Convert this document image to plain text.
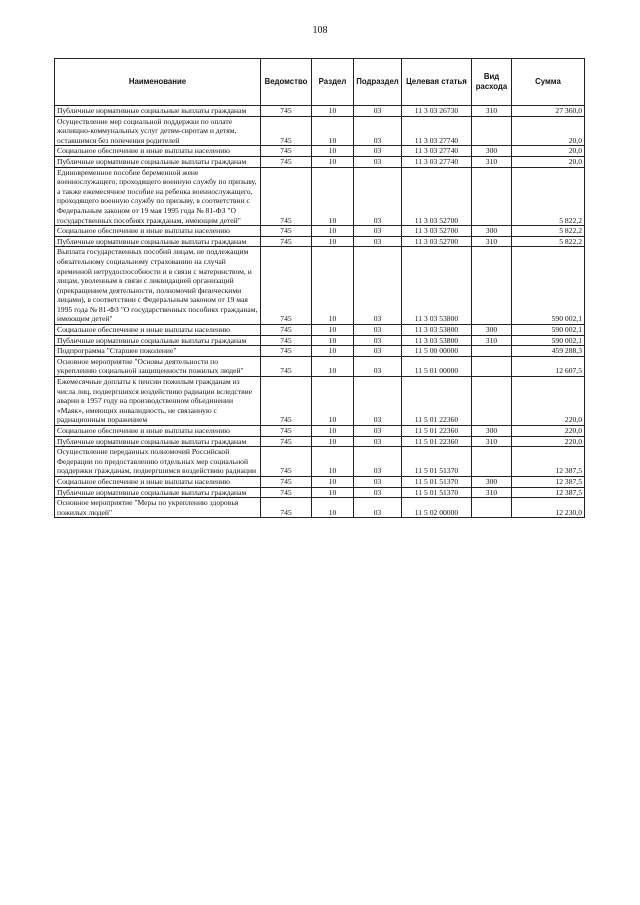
108
Наименование	Ведомство	Раздел	Подраздел	Целевая статья	Вид расхода	Сумма
Публичные нормативные социальные выплаты гражданам	745	10	03	11 3 03 26730	310	27 360,0
Осуществление мер социальной поддержки по оплате жилищно-коммунальных услуг детям-сиротам и детям, оставшимся без попечения родителей	745	10	03	11 3 03 27740		20,0
Социальное обеспечение и иные выплаты населению	745	10	03	11 3 03 27740	300	20,0
Публичные нормативные социальные выплаты гражданам	745	10	03	11 3 03 27740	310	20,0
Единовременное пособие беременной жене военнослужащего, проходящего военную службу по призыву, а также ежемесячное пособие на ребенка военнослужащего, проходящего военную службу по призыву, в соответствии с Федеральным законом от 19 мая 1995 года № 81-ФЗ "О государственных пособиях гражданам, имеющим детей"	745	10	03	11 3 03 52700		5 822,2
Социальное обеспечение и иные выплаты населению	745	10	03	11 3 03 52700	300	5 822,2
Публичные нормативные социальные выплаты гражданам	745	10	03	11 3 03 52700	310	5 822,2
Выплата государственных пособий лицам, не подлежащим обязательному социальному страхованию на случай временной нетрудоспособности и в связи с материнством, и лицам, уволенным в связи с ликвидацией организаций (прекращением деятельности, полномочий физическими лицами), в соответствии с Федеральным законом от 19 мая 1995 года № 81-ФЗ "О государственных пособиях гражданам, имеющим детей"	745	10	03	11 3 03 53800		590 002,1
Социальное обеспечение и иные выплаты населению	745	10	03	11 3 03 53800	300	590 002,1
Публичные нормативные социальные выплаты гражданам	745	10	03	11 3 03 53800	310	590 002,1
Подпрограмма "Старшее поколение"	745	10	03	11 5 00 00000		459 288,3
Основное мероприятие "Основы деятельности по укреплению социальной защищенности пожилых людей"	745	10	03	11 5 01 00000		12 607,5
Ежемесячные доплаты к пенсии пожилым гражданам из числа лиц, подвергшихся воздействию радиации вследствие аварии в 1957 году на производственном объединении «Маяк», имеющих инвалидность, не связанную с радиационным поражением	745	10	03	11 5 01 22360		220,0
Социальное обеспечение и иные выплаты населению	745	10	03	11 5 01 22360	300	220,0
Публичные нормативные социальные выплаты гражданам	745	10	03	11 5 01 22360	310	220,0
Осуществление переданных полномочий Российской Федерации по предоставлению отдельных мер социальной поддержки гражданам, подвергшимся воздействию радиации	745	10	03	11 5 01 51370		12 387,5
Социальное обеспечение и иные выплаты населению	745	10	03	11 5 01 51370	300	12 387,5
Публичные нормативные социальные выплаты гражданам	745	10	03	11 5 01 51370	310	12 387,5
Основное мероприятие "Меры по укреплению здоровья пожилых людей"	745	10	03	11 5 02 00000		12 230,0
